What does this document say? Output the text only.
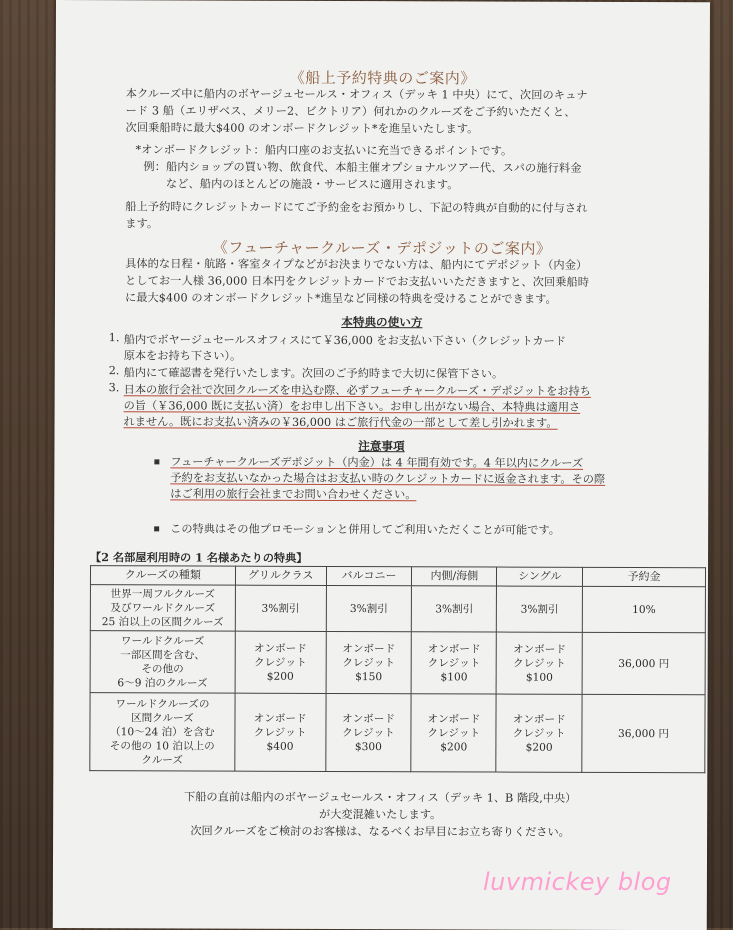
《船上予約特典のご案内》
本クルーズ中に船内のボヤージュセールス・オフィス（デッキ 1 中央）にて、次回のキュナ
ード 3 船（エリザベス、メリー2、ビクトリア）何れかのクルーズをご予約いただくと、
次回乗船時に最大$400 のオンボードクレジット*を進呈いたします。
*オンボードクレジット：船内口座のお支払いに充当できるポイントです。
例：船内ショップの買い物、飲食代、本船主催オプショナルツアー代、スパの施行料金
　　など、船内のほとんどの施設・サービスに適用されます。
船上予約時にクレジットカードにてご予約金をお預かりし、下記の特典が自動的に付与され
ます。
《フューチャークルーズ・デポジットのご案内》
具体的な日程・航路・客室タイプなどがお決まりでない方は、船内にてデポジット（内金）
としてお一人様 36,000 日本円をクレジットカードでお支払いいただきますと、次回乗船時
に最大$400 のオンボードクレジット*進呈など同様の特典を受けることができます。
本特典の使い方
1. 船内でボヤージュセールスオフィスにて￥36,000 をお支払い下さい（クレジットカード
原本をお持ち下さい）。
2. 船内にて確認書を発行いたします。次回のご予約時まで大切に保管下さい。
3. 日本の旅行会社で次回クルーズを申込む際、必ずフューチャークルーズ・デポジットをお持ち
の旨（￥36,000 既に支払い済）をお申し出下さい。お申し出がない場合、本特典は適用さ
れません。既にお支払い済みの￥36,000 はご旅行代金の一部として差し引かれます。
注意事項
フューチャークルーズデポジット（内金）は 4 年間有効です。4 年以内にクルーズ
予約をお支払いなかった場合はお支払い時のクレジットカードに返金されます。その際
はご利用の旅行会社までお問い合わせください。
この特典はその他プロモーションと併用してご利用いただくことが可能です。
【2 名部屋利用時の 1 名様あたりの特典】
クルーズの種類	グリルクラス	バルコニー	内側/海側	シングル	予約金
世界一周フルクルーズ
及びワールドクルーズ
25 泊以上の区間クルーズ	3%割引	3%割引	3%割引	3%割引	10%
ワールドクルーズ
一部区間を含む、
その他の
6〜9 泊のクルーズ	オンボード
クレジット
$200	オンボード
クレジット
$150	オンボード
クレジット
$100	オンボード
クレジット
$100	36,000 円
ワールドクルーズの
区間クルーズ
（10〜24 泊）を含む
その他の 10 泊以上の
クルーズ	オンボード
クレジット
$400	オンボード
クレジット
$300	オンボード
クレジット
$200	オンボード
クレジット
$200	36,000 円
下船の直前は船内のボヤージュセールス・オフィス（デッキ 1、B 階段,中央）
が大変混雑いたします。
次回クルーズをご検討のお客様は、なるべくお早目にお立ち寄りください。
luvmickey blog
